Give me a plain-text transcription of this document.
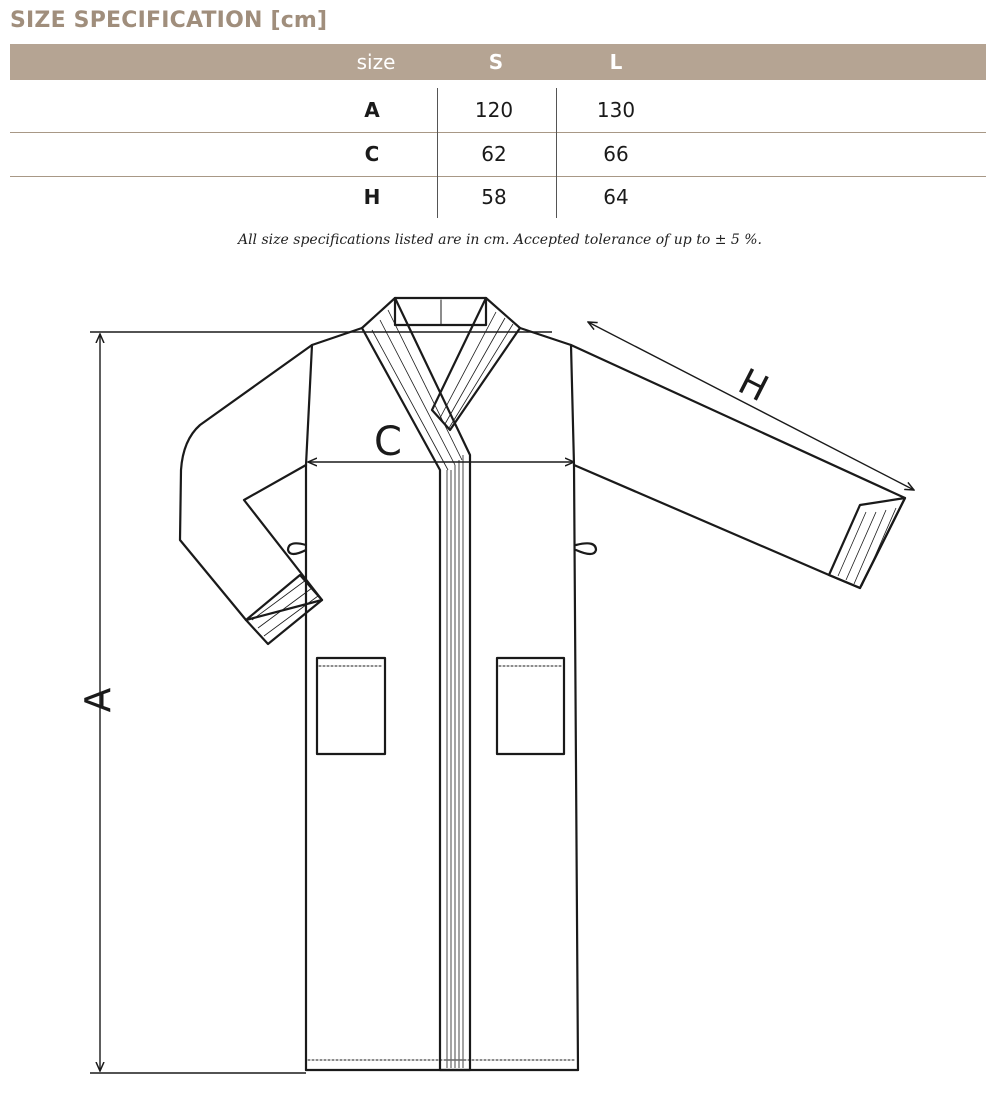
SIZE SPECIFICATION [cm]
size	S	L
A	120	130
C	62	66
H	58	64
All size specifications listed are in cm. Accepted tolerance of up to ± 5 %.
A
C
H
